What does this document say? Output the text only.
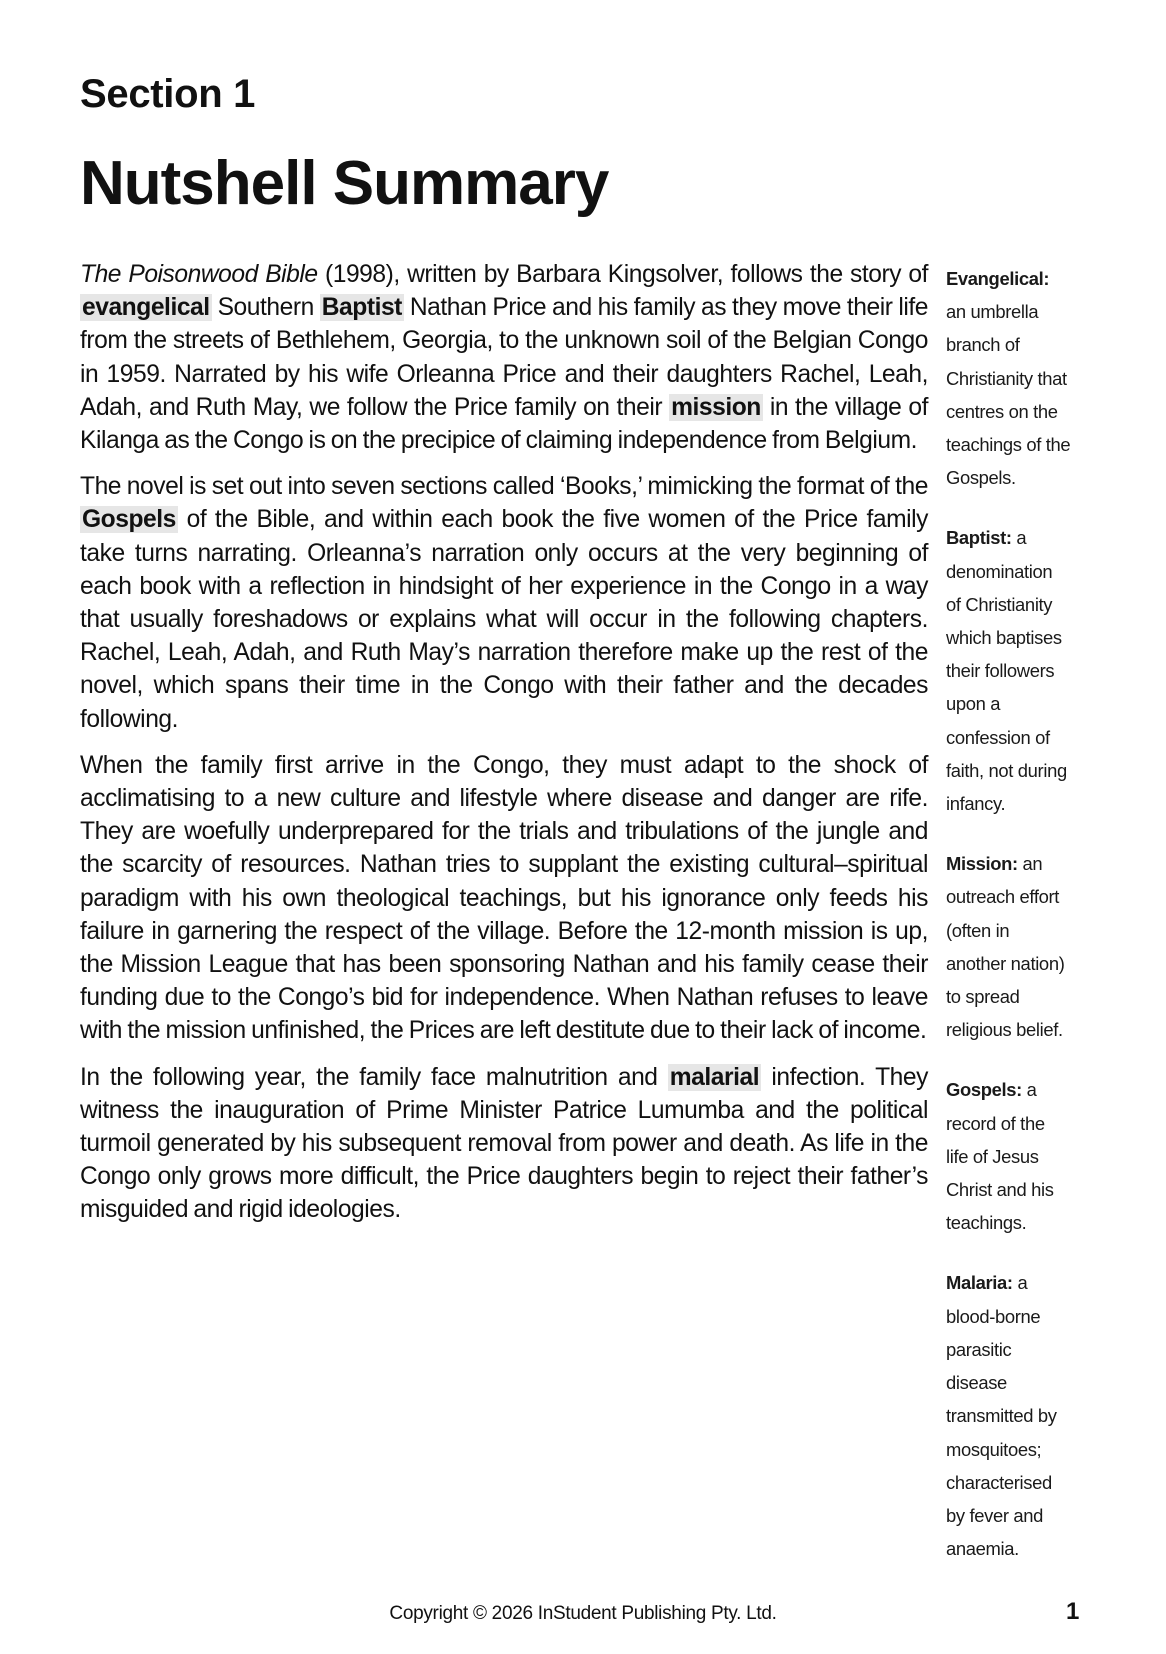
Section 1
Nutshell Summary

The Poisonwood Bible (1998), written by Barbara Kingsolver, follows the story of evangelical Southern Baptist Nathan Price and his family as they move their life from the streets of Bethlehem, Georgia, to the unknown soil of the Belgian Congo in 1959. Narrated by his wife Orleanna Price and their daughters Rachel, Leah, Adah, and Ruth May, we follow the Price family on their mission in the village of Kilanga as the Congo is on the precipice of claiming independence from Belgium.

The novel is set out into seven sections called ‘Books,’ mimicking the format of the Gospels of the Bible, and within each book the five women of the Price family take turns narrating. Orleanna’s narration only occurs at the very beginning of each book with a reflection in hindsight of her experience in the Congo in a way that usually foreshadows or explains what will occur in the following chapters. Rachel, Leah, Adah, and Ruth May’s narration therefore make up the rest of the novel, which spans their time in the Congo with their father and the decades following.

When the family first arrive in the Congo, they must adapt to the shock of acclimatising to a new culture and lifestyle where disease and danger are rife. They are woefully underprepared for the trials and tribulations of the jungle and the scarcity of resources. Nathan tries to supplant the existing cultural–spiritual paradigm with his own theological teachings, but his ignorance only feeds his failure in garnering the respect of the village. Before the 12-month mission is up, the Mission League that has been sponsoring Nathan and his family cease their funding due to the Congo’s bid for independence. When Nathan refuses to leave with the mission unfinished, the Prices are left destitute due to their lack of income.

In the following year, the family face malnutrition and malarial infection. They witness the inauguration of Prime Minister Patrice Lumumba and the political turmoil generated by his subsequent removal from power and death. As life in the Congo only grows more difficult, the Price daughters begin to reject their father’s misguided and rigid ideologies.

Evangelical:
an umbrella
branch of
Christianity that
centres on the
teachings of the
Gospels.
Baptist: a
denomination
of Christianity
which baptises
their followers
upon a
confession of
faith, not during
infancy.
Mission: an
outreach effort
(often in
another nation)
to spread
religious belief.
Gospels: a
record of the
life of Jesus
Christ and his
teachings.
Malaria: a
blood-borne
parasitic
disease
transmitted by
mosquitoes;
characterised
by fever and
anaemia.
Copyright © 2026 InStudent Publishing Pty. Ltd.	1
